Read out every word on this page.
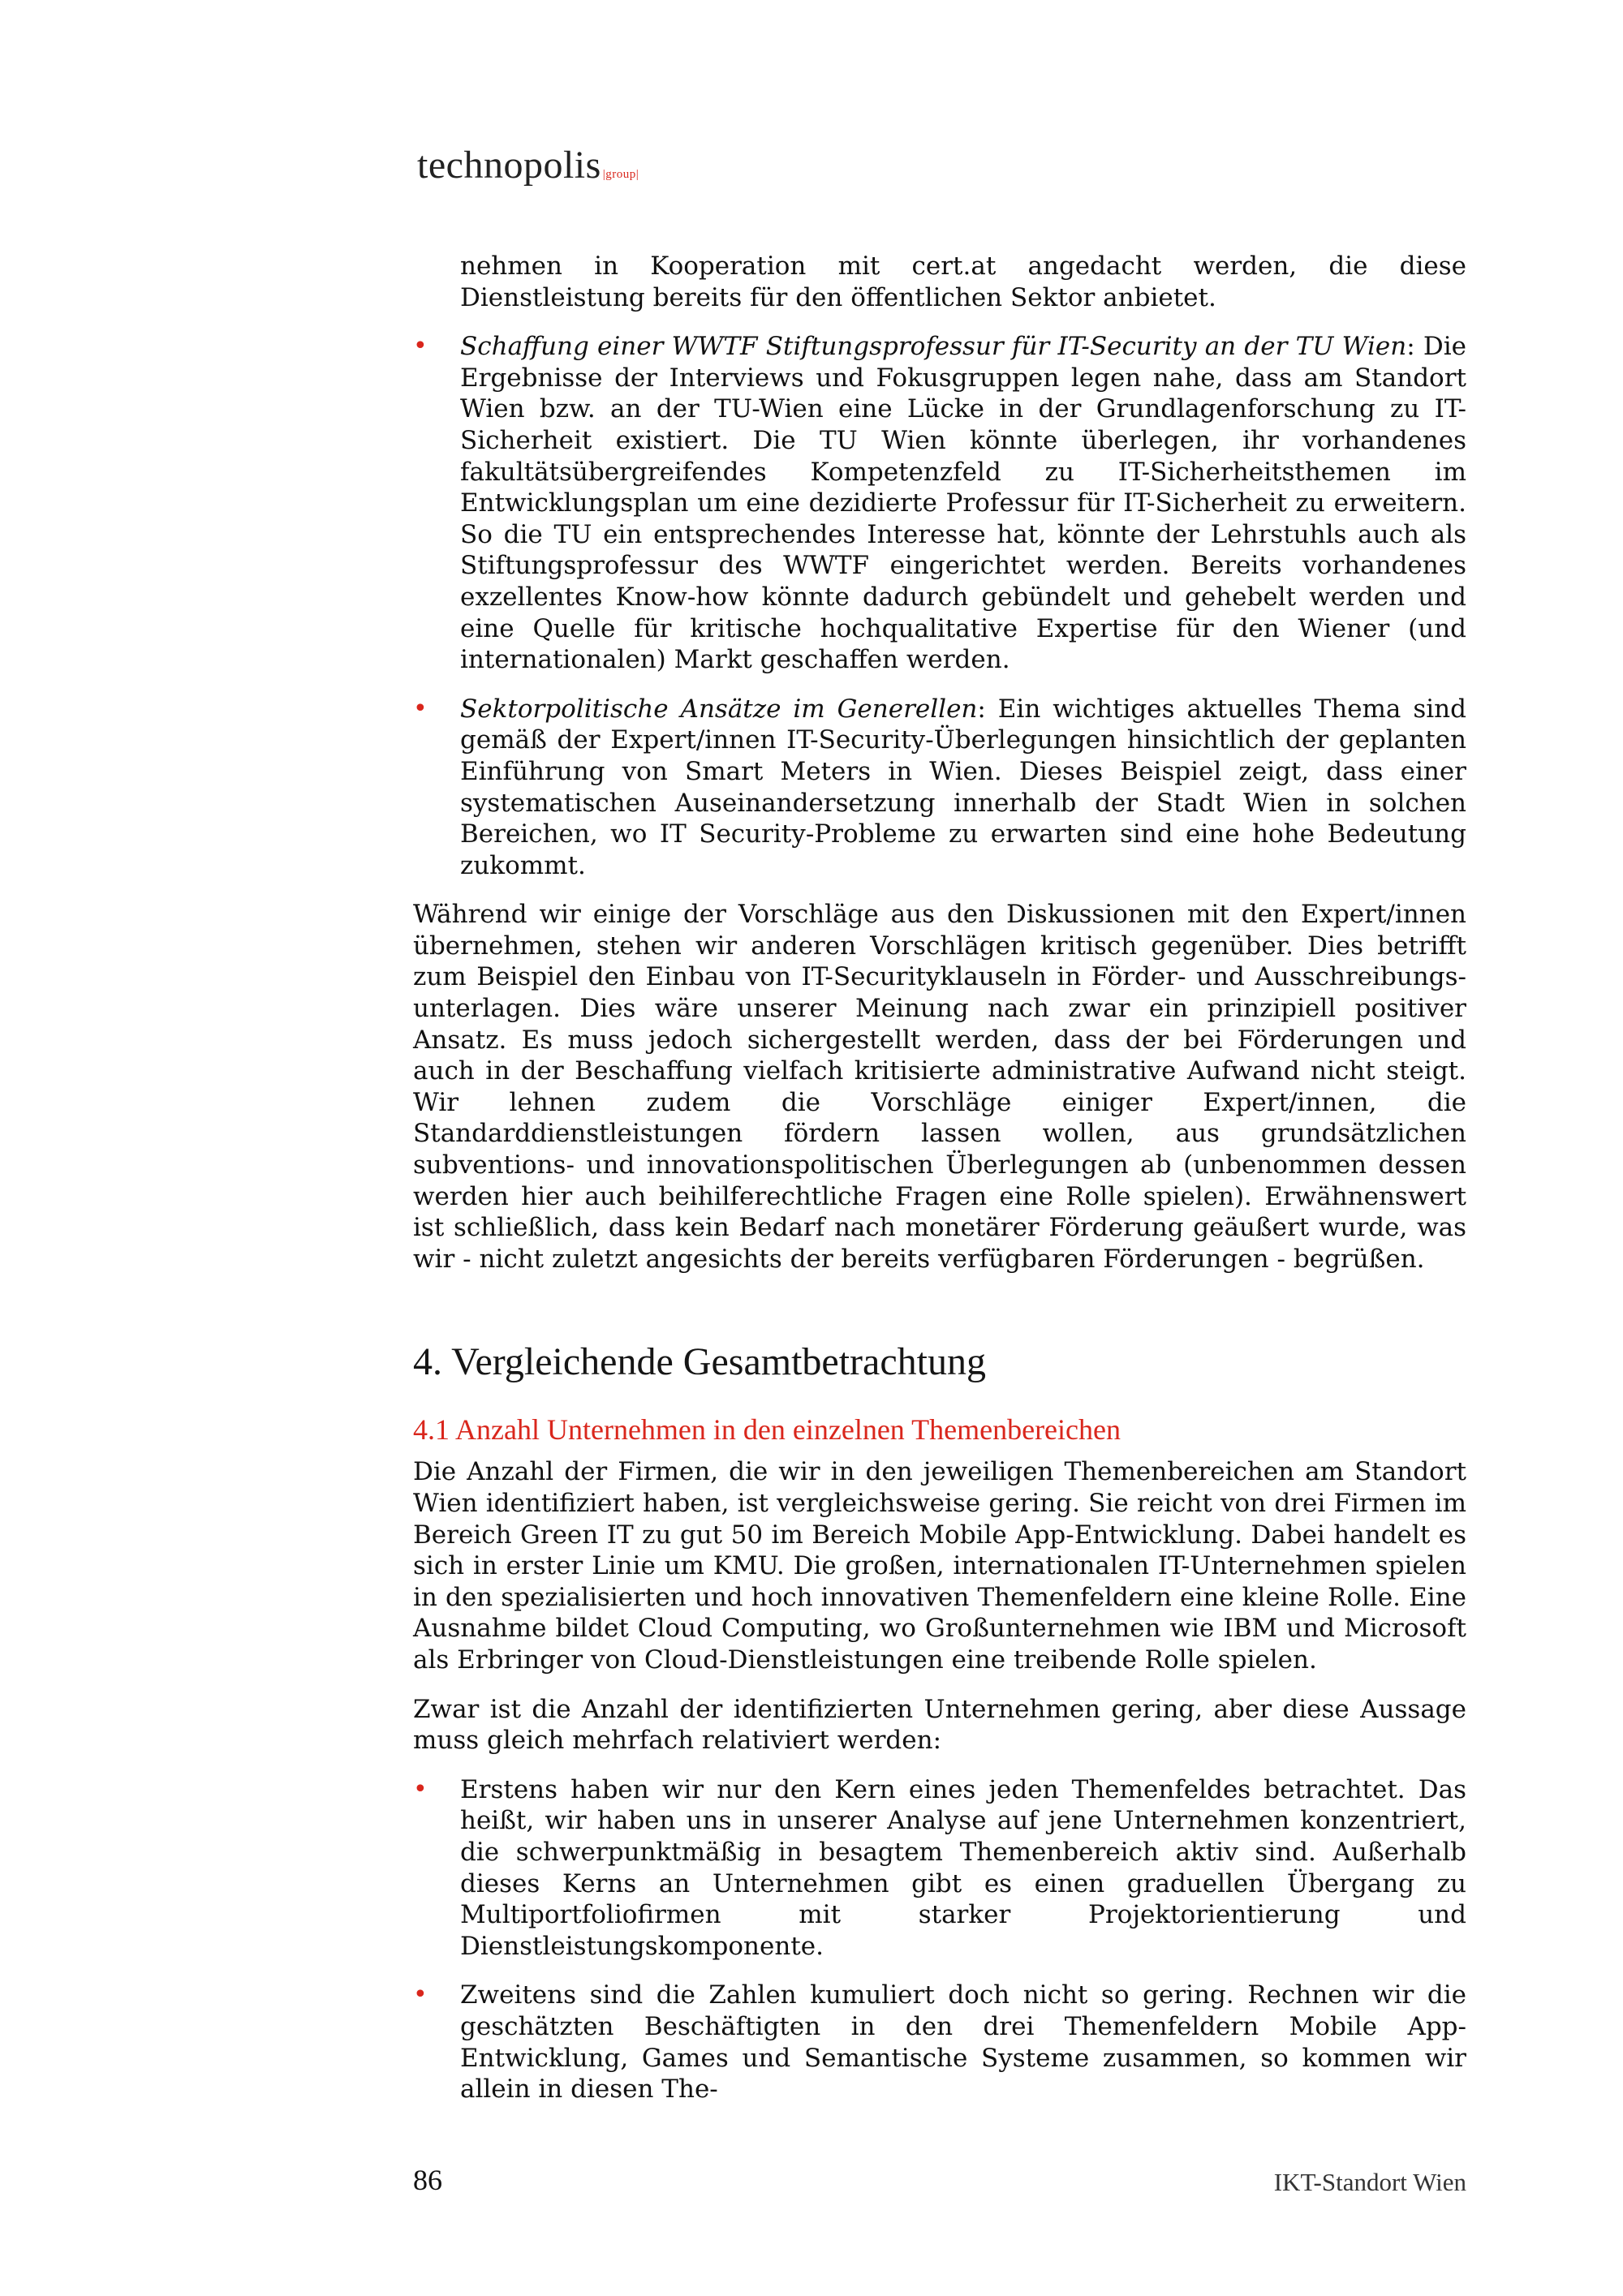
technopolis |group|

nehmen in Kooperation mit cert.at angedacht werden, die diese Dienstleistung bereits für den öffentlichen Sektor anbietet.

• Schaffung einer WWTF Stiftungsprofessur für IT-Security an der TU Wien: Die Ergebnisse der Interviews und Fokusgruppen legen nahe, dass am Standort Wien bzw. an der TU-Wien eine Lücke in der Grundlagenforschung zu IT-Sicherheit existiert. Die TU Wien könnte überlegen, ihr vorhandenes fakultätsübergreifendes Kompetenzfeld zu IT-Sicherheitsthemen im Entwicklungsplan um eine dezidierte Professur für IT-Sicherheit zu erweitern. So die TU ein entsprechendes Interesse hat, könnte der Lehrstuhls auch als Stiftungsprofessur des WWTF eingerichtet werden. Bereits vorhandenes exzellentes Know-how könnte dadurch gebündelt und gehebelt werden und eine Quelle für kritische hochqualitative Expertise für den Wiener (und internationalen) Markt geschaffen werden.

• Sektorpolitische Ansätze im Generellen: Ein wichtiges aktuelles Thema sind gemäß der Expert/innen IT-Security-Überlegungen hinsichtlich der geplanten Einführung von Smart Meters in Wien. Dieses Beispiel zeigt, dass einer systematischen Auseinandersetzung innerhalb der Stadt Wien in solchen Bereichen, wo IT Security-Probleme zu erwarten sind eine hohe Bedeutung zukommt.

Während wir einige der Vorschläge aus den Diskussionen mit den Expert/innen übernehmen, stehen wir anderen Vorschlägen kritisch gegenüber. Dies betrifft zum Beispiel den Einbau von IT-Securityklauseln in Förder- und Ausschreibungs-unterlagen. Dies wäre unserer Meinung nach zwar ein prinzipiell positiver Ansatz. Es muss jedoch sichergestellt werden, dass der bei Förderungen und auch in der Beschaffung vielfach kritisierte administrative Aufwand nicht steigt. Wir lehnen zudem die Vorschläge einiger Expert/innen, die Standarddienstleistungen fördern lassen wollen, aus grundsätzlichen subventions- und innovationspolitischen Überlegungen ab (unbenommen dessen werden hier auch beihilferechtliche Fragen eine Rolle spielen). Erwähnenswert ist schließlich, dass kein Bedarf nach monetärer Förderung geäußert wurde, was wir - nicht zuletzt angesichts der bereits verfügbaren Förderungen - begrüßen.

4. Vergleichende Gesamtbetrachtung
4.1 Anzahl Unternehmen in den einzelnen Themenbereichen

Die Anzahl der Firmen, die wir in den jeweiligen Themenbereichen am Standort Wien identifiziert haben, ist vergleichsweise gering. Sie reicht von drei Firmen im Bereich Green IT zu gut 50 im Bereich Mobile App-Entwicklung. Dabei handelt es sich in erster Linie um KMU. Die großen, internationalen IT-Unternehmen spielen in den spezialisierten und hoch innovativen Themenfeldern eine kleine Rolle. Eine Ausnahme bildet Cloud Computing, wo Großunternehmen wie IBM und Microsoft als Erbringer von Cloud-Dienstleistungen eine treibende Rolle spielen.

Zwar ist die Anzahl der identifizierten Unternehmen gering, aber diese Aussage muss gleich mehrfach relativiert werden:

• Erstens haben wir nur den Kern eines jeden Themenfeldes betrachtet. Das heißt, wir haben uns in unserer Analyse auf jene Unternehmen konzentriert, die schwerpunktmäßig in besagtem Themenbereich aktiv sind. Außerhalb dieses Kerns an Unternehmen gibt es einen graduellen Übergang zu Multiportfoliofirmen mit starker Projektorientierung und Dienstleistungskomponente.

• Zweitens sind die Zahlen kumuliert doch nicht so gering. Rechnen wir die geschätzten Beschäftigten in den drei Themenfeldern Mobile App-Entwicklung, Games und Semantische Systeme zusammen, so kommen wir allein in diesen The-

86	IKT-Standort Wien
